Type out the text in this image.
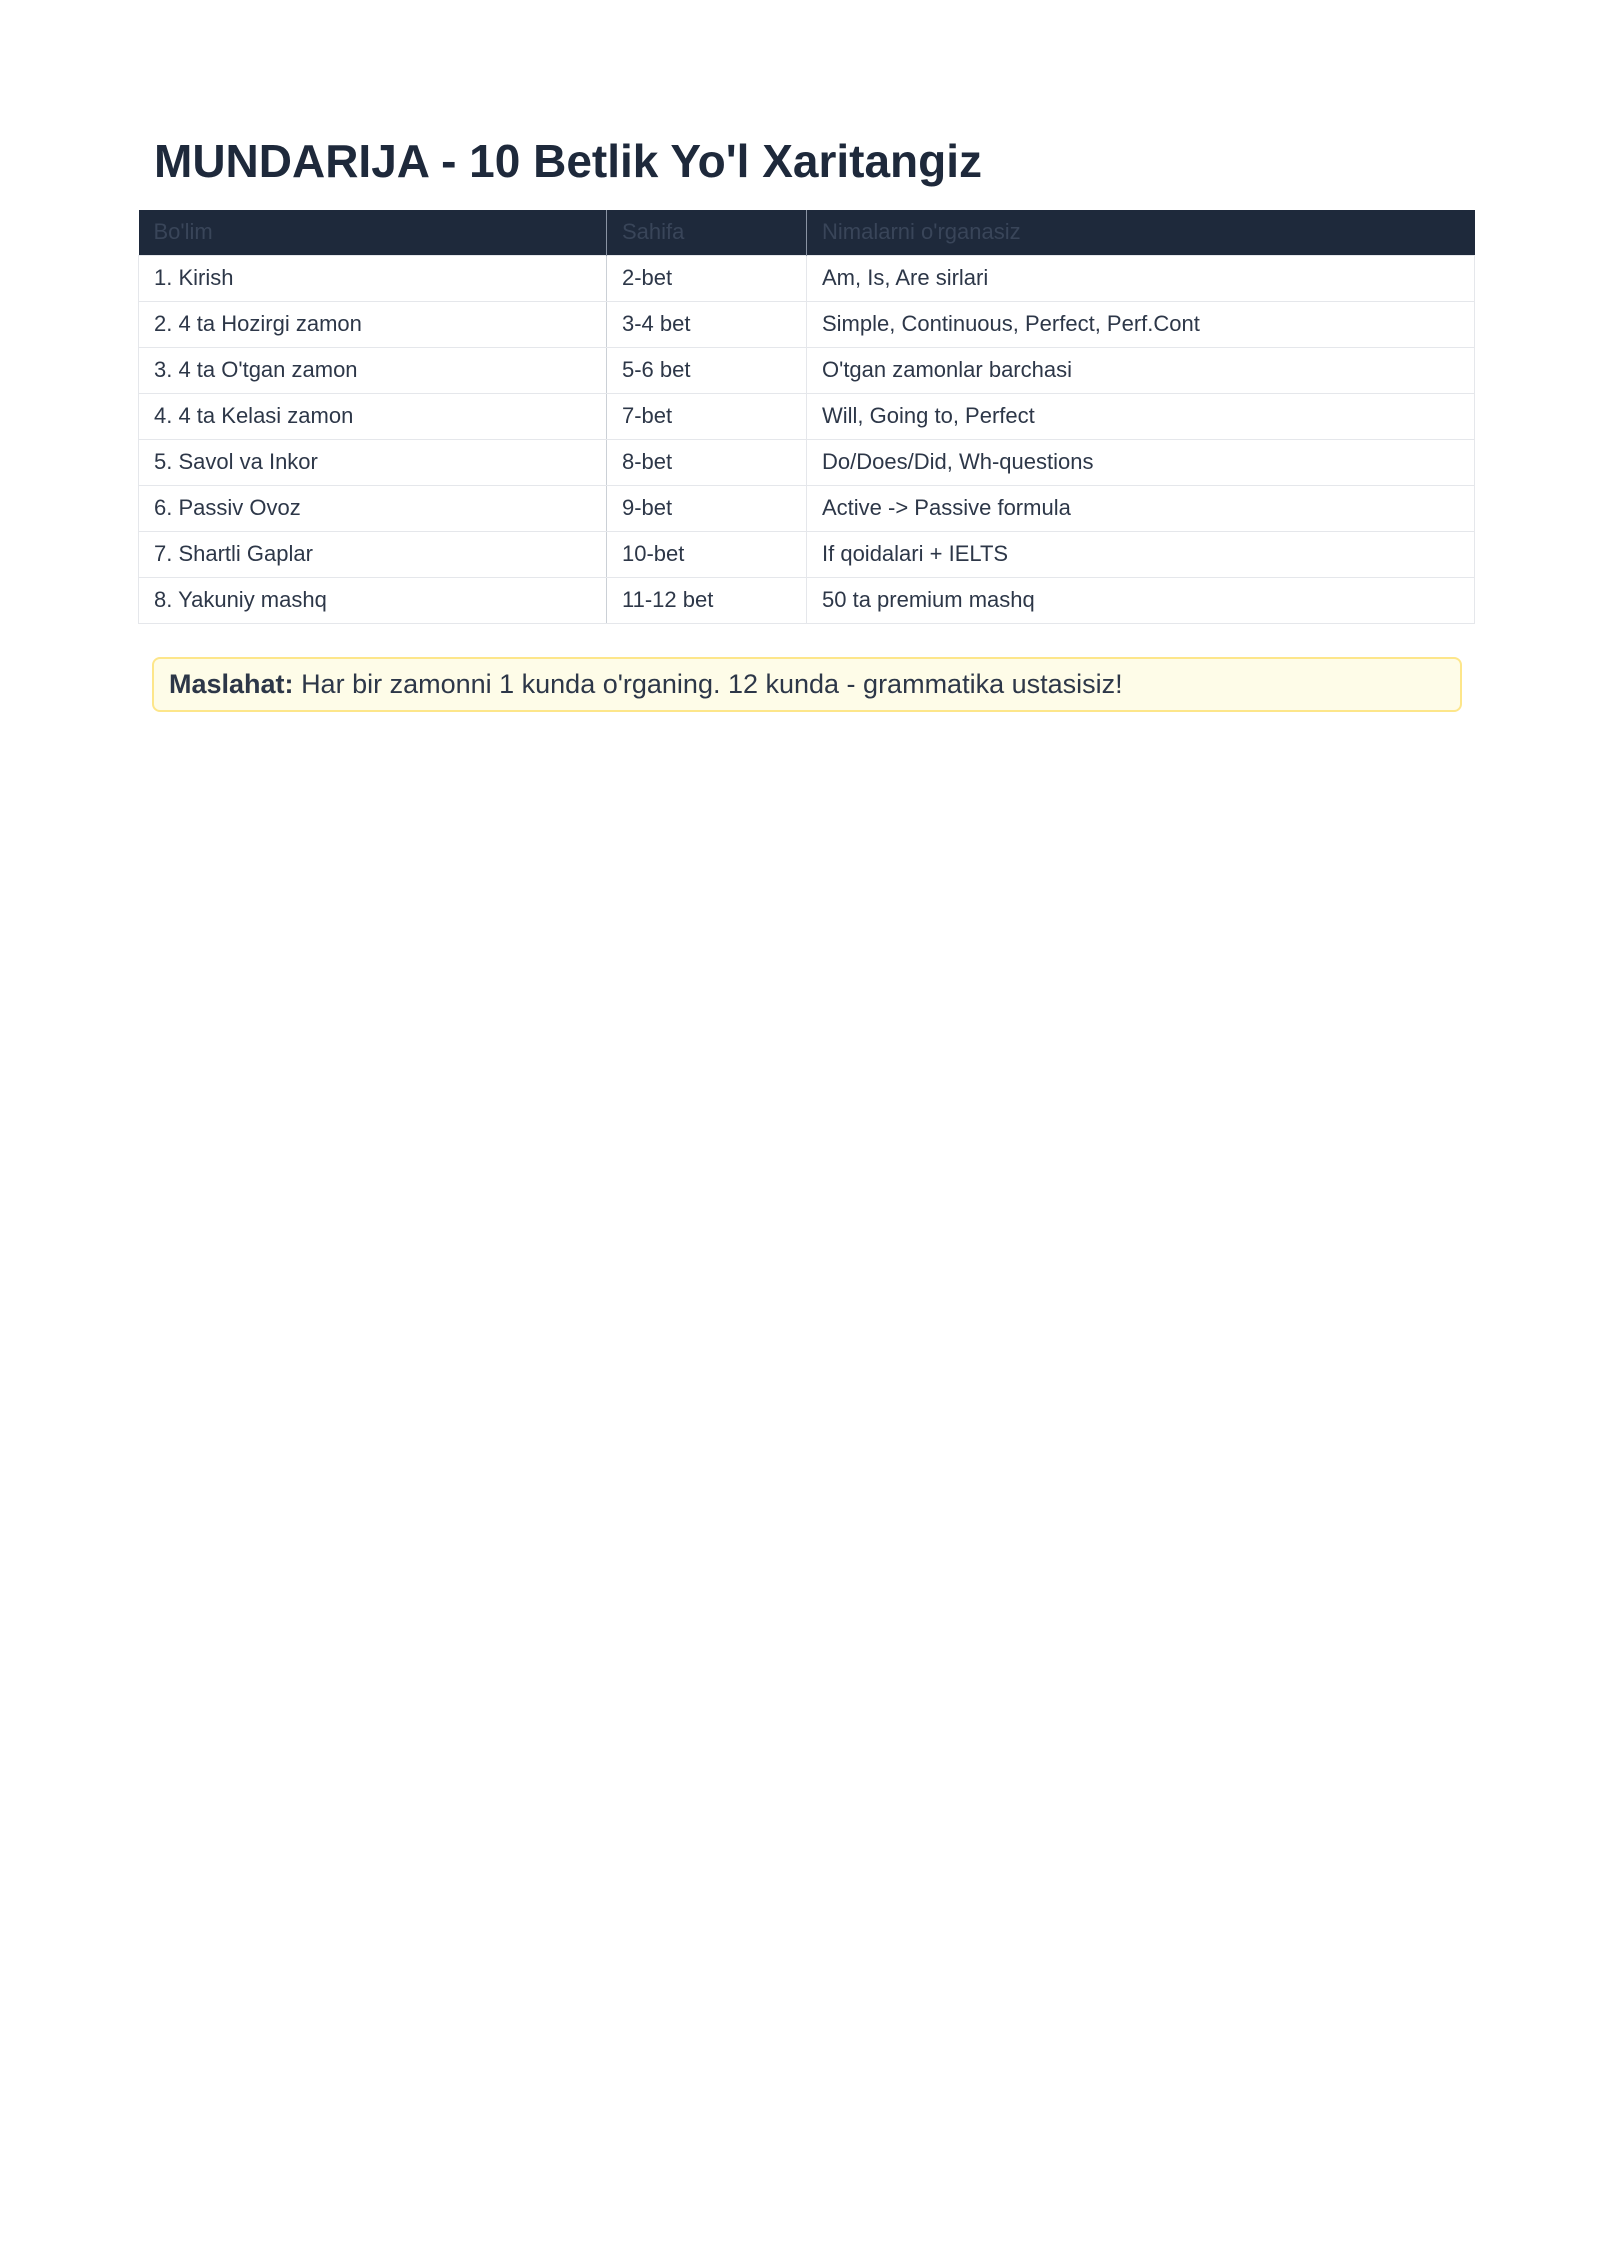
MUNDARIJA - 10 Betlik Yo'l Xaritangiz
Bo'lim	Sahifa	Nimalarni o'rganasiz
1. Kirish	2-bet	Am, Is, Are sirlari
2. 4 ta Hozirgi zamon	3-4 bet	Simple, Continuous, Perfect, Perf.Cont
3. 4 ta O'tgan zamon	5-6 bet	O'tgan zamonlar barchasi
4. 4 ta Kelasi zamon	7-bet	Will, Going to, Perfect
5. Savol va Inkor	8-bet	Do/Does/Did, Wh-questions
6. Passiv Ovoz	9-bet	Active -> Passive formula
7. Shartli Gaplar	10-bet	If qoidalari + IELTS
8. Yakuniy mashq	11-12 bet	50 ta premium mashq
Maslahat: Har bir zamonni 1 kunda o'rganing. 12 kunda - grammatika ustasisiz!
